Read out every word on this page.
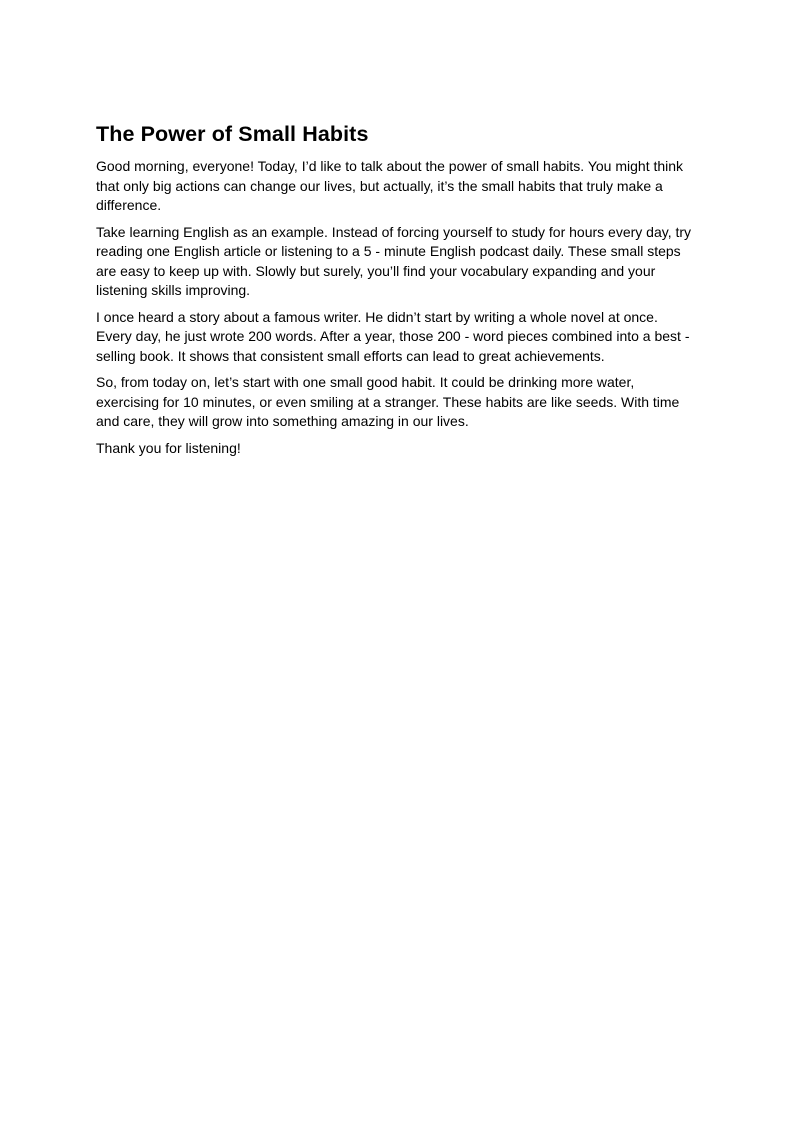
The Power of Small Habits

Good morning, everyone! Today, I’d like to talk about the power of small habits. You might think that only big actions can change our lives, but actually, it’s the small habits that truly make a difference.

Take learning English as an example. Instead of forcing yourself to study for hours every day, try reading one English article or listening to a 5 - minute English podcast daily. These small steps are easy to keep up with. Slowly but surely, you’ll find your vocabulary expanding and your listening skills improving.

I once heard a story about a famous writer. He didn’t start by writing a whole novel at once. Every day, he just wrote 200 words. After a year, those 200 - word pieces combined into a best - selling book. It shows that consistent small efforts can lead to great achievements.

So, from today on, let’s start with one small good habit. It could be drinking more water, exercising for 10 minutes, or even smiling at a stranger. These habits are like seeds. With time and care, they will grow into something amazing in our lives.

Thank you for listening!
